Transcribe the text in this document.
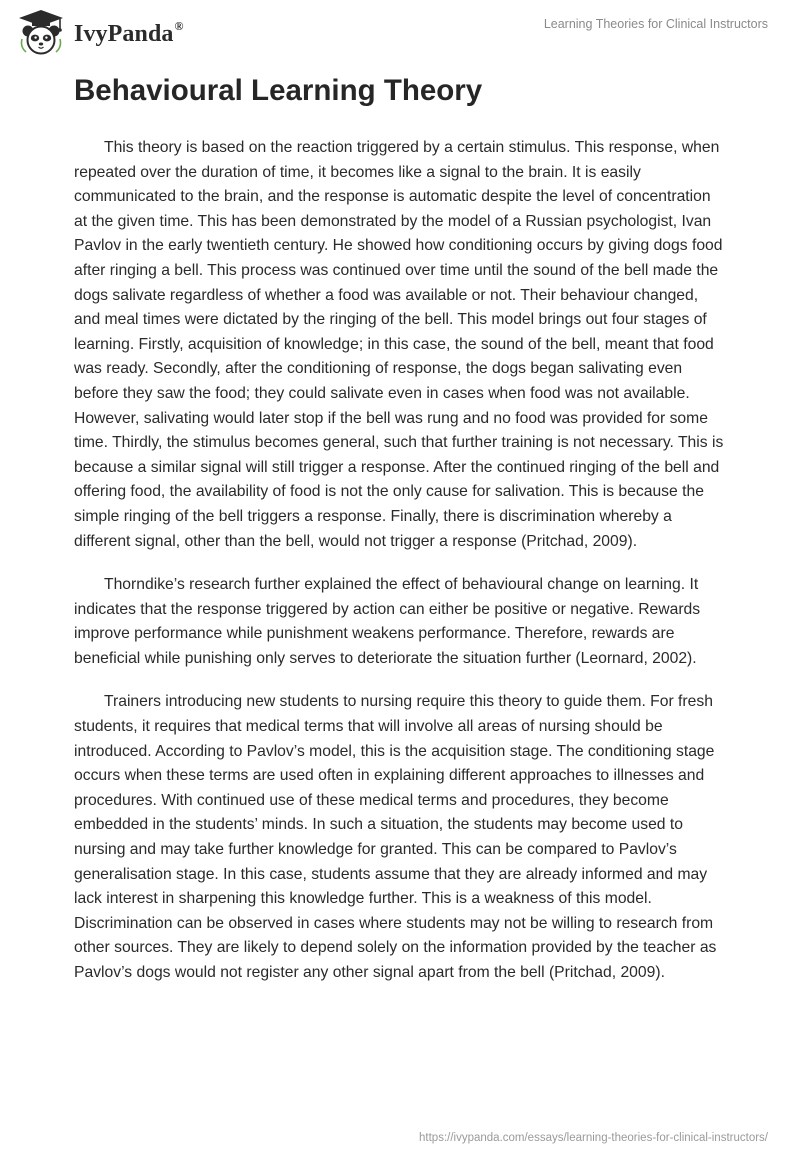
IvyPanda®	Learning Theories for Clinical Instructors
Behavioural Learning Theory

This theory is based on the reaction triggered by a certain stimulus. This response, when repeated over the duration of time, it becomes like a signal to the brain. It is easily communicated to the brain, and the response is automatic despite the level of concentration at the given time. This has been demonstrated by the model of a Russian psychologist, Ivan Pavlov in the early twentieth century. He showed how conditioning occurs by giving dogs food after ringing a bell. This process was continued over time until the sound of the bell made the dogs salivate regardless of whether a food was available or not. Their behaviour changed, and meal times were dictated by the ringing of the bell. This model brings out four stages of learning. Firstly, acquisition of knowledge; in this case, the sound of the bell, meant that food was ready. Secondly, after the conditioning of response, the dogs began salivating even before they saw the food; they could salivate even in cases when food was not available. However, salivating would later stop if the bell was rung and no food was provided for some time. Thirdly, the stimulus becomes general, such that further training is not necessary. This is because a similar signal will still trigger a response. After the continued ringing of the bell and offering food, the availability of food is not the only cause for salivation. This is because the simple ringing of the bell triggers a response. Finally, there is discrimination whereby a different signal, other than the bell, would not trigger a response (Pritchad, 2009).

Thorndike’s research further explained the effect of behavioural change on learning. It indicates that the response triggered by action can either be positive or negative. Rewards improve performance while punishment weakens performance. Therefore, rewards are beneficial while punishing only serves to deteriorate the situation further (Leornard, 2002).

Trainers introducing new students to nursing require this theory to guide them. For fresh students, it requires that medical terms that will involve all areas of nursing should be introduced. According to Pavlov’s model, this is the acquisition stage. The conditioning stage occurs when these terms are used often in explaining different approaches to illnesses and procedures. With continued use of these medical terms and procedures, they become embedded in the students’ minds. In such a situation, the students may become used to nursing and may take further knowledge for granted. This can be compared to Pavlov’s generalisation stage. In this case, students assume that they are already informed and may lack interest in sharpening this knowledge further. This is a weakness of this model. Discrimination can be observed in cases where students may not be willing to research from other sources. They are likely to depend solely on the information provided by the teacher as Pavlov’s dogs would not register any other signal apart from the bell (Pritchad, 2009).

https://ivypanda.com/essays/learning-theories-for-clinical-instructors/
